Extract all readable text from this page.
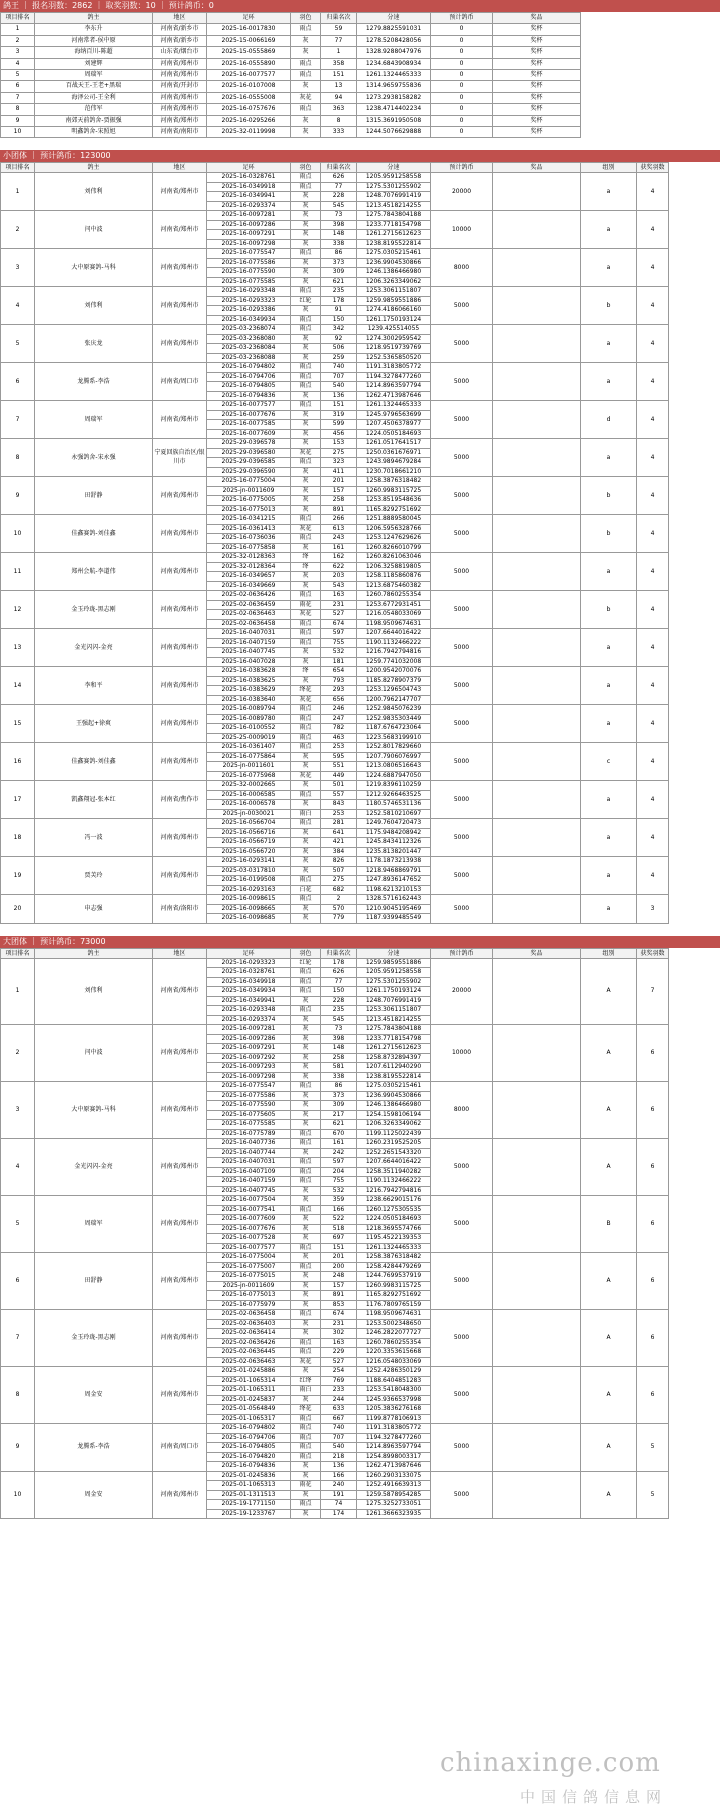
鸽王 ｜ 报名羽数：2862 ｜ 取奖羽数：10 ｜ 预计鸽币：0
项目排名	鸽主	地区	足环	羽色	归巢名次	分速	预计鸽币	奖品
1	李东升	河南省/新乡市	2025-16-0017830	雨点	59	1279.8825591031	0	奖杯
2	河南常者-侯中原	河南省/新乡市	2025-15-0066169	灰	77	1278.5208428056	0	奖杯
3	海纳百川-陈超	山东省/烟台市	2025-15-0555869	灰	1	1328.9288047976	0	奖杯
4	刘建辉	河南省/郑州市	2025-16-0555890	雨点	358	1234.6843908934	0	奖杯
5	周瑞军	河南省/郑州市	2025-16-0077577	雨点	151	1261.1324465333	0	奖杯
6	百战天王-王老+黑瑞	河南省/开封市	2025-16-0107008	灰	13	1314.9659755836	0	奖杯
7	海泽公司-王全利	河南省/郑州市	2025-16-0555008	灰花	94	1273.2938158282	0	奖杯
8	范伟军	河南省/郑州市	2025-16-0757676	雨点	363	1238.4714402234	0	奖杯
9	南郊天前鸽舍-贾振强	河南省/郑州市	2025-16-0295266	灰	8	1315.3691950508	0	奖杯
10	明鑫鸽舍-宋照旭	河南省/南阳市	2025-32-0119998	灰	333	1244.5076629888	0	奖杯
小团体 ｜ 预计鸽币：123000
项目排名	鸽主	地区	足环	羽色	归巢名次	分速	预计鸽币	奖品	组别	获奖羽数
1	刘伟利	河南省/郑州市	2025-16-0328761	雨点	626	1205.9591258558	20000		a	4
			2025-16-0349918	雨点	77	1275.5301255902				
			2025-16-0349941	灰	228	1248.7076991419				
			2025-16-0293374	灰	545	1213.4518214255				
2	闫中波	河南省/郑州市	2025-16-0097281	灰	73	1275.7843804188	10000		a	4
			2025-16-0097286	灰	398	1233.7718154798				
			2025-16-0097291	灰	148	1261.2715612623				
			2025-16-0097298	灰	338	1238.8195522814				
3	大中原赛鸽-马科	河南省/郑州市	2025-16-0775547	雨点	86	1275.0305215461	8000		a	4
			2025-16-0775586	灰	373	1236.9904530866				
			2025-16-0775590	灰	309	1246.1386466980				
			2025-16-0775585	灰	621	1206.3263349062				
4	刘伟利	河南省/郑州市	2025-16-0293348	雨点	235	1253.3061151807	5000		b	4
			2025-16-0293323	红轮	178	1259.9859551886				
			2025-16-0293386	灰	91	1274.4186066160				
			2025-16-0349934	雨点	150	1261.1750193124				
5	张庆龙	河南省/郑州市	2025-03-2368074	雨点	342	1239.425514055	5000		a	4
			2025-03-2368080	灰	92	1274.3002959542				
			2025-03-2368084	灰	506	1218.9519739769				
			2025-03-2368088	灰	259	1252.5365850520				
6	龙腾系-李浩	河南省/周口市	2025-16-0794802	雨点	740	1191.3183805772	5000		a	4
			2025-16-0794706	雨点	707	1194.3278477260				
			2025-16-0794805	雨点	540	1214.8963597794				
			2025-16-0794836	灰	136	1262.4713987646				
7	周瑞军	河南省/郑州市	2025-16-0077577	雨点	151	1261.1324465333	5000		d	4
			2025-16-0077676	灰	319	1245.9796563699				
			2025-16-0077585	灰	599	1207.4506378977				
			2025-16-0077609	灰	456	1224.0505184693				
8	永强鸽舍-宋永强	宁夏回族自治区/银川市	2025-29-0396578	灰	153	1261.0517641517	5000		a	4
			2025-29-0396580	灰花	275	1250.0361676971				
			2025-29-0396585	雨点	323	1243.9894679284				
			2025-29-0396590	灰	411	1230.7018661210				
9	田舒静	河南省/郑州市	2025-16-0775004	灰	201	1258.3876318482	5000		b	4
			2025-jn-0011609	灰	157	1260.9983115725				
			2025-16-0775005	灰	258	1253.8519548636				
			2025-16-0775013	灰	891	1165.8292751692				
10	佳鑫赛鸽-刘佳鑫	河南省/郑州市	2025-16-0341215	雨点	266	1251.8889580045	5000		b	4
			2025-16-0361413	灰花	613	1206.5956328766				
			2025-16-0736036	雨点	243	1253.1247629626				
			2025-16-0775858	灰	161	1260.8266010799				
11	郑州会航-李道伟	河南省/郑州市	2025-32-0128363	绛	162	1260.8261063046	5000		a	4
			2025-32-0128364	绛	622	1206.3258819805				
			2025-16-0349657	灰	203	1258.1185860876				
			2025-16-0349669	灰	543	1213.6875460382				
12	金玉玲珑-黑志刚	河南省/郑州市	2025-02-0636426	雨点	163	1260.7860255354	5000		b	4
			2025-02-0636459	雨花	231	1253.6772931451				
			2025-02-0636463	灰花	527	1216.0548033069				
			2025-02-0636458	雨点	674	1198.9509674631				
13	金光闪闪-金亮	河南省/郑州市	2025-16-0407031	雨点	597	1207.6644016422	5000		a	4
			2025-16-0407159	雨点	755	1190.1132466222				
			2025-16-0407745	灰	532	1216.7942794816				
			2025-16-0407028	灰	181	1259.7741032008				
14	李和平	河南省/郑州市	2025-16-0383628	绛	654	1200.9542070076	5000		a	4
			2025-16-0383625	灰	793	1185.8278907379				
			2025-16-0383629	绛花	293	1253.1296504743				
			2025-16-0383640	灰花	656	1200.7962147707				
15	王强起+徐爽	河南省/郑州市	2025-16-0089794	雨点	246	1252.9845076239	5000		a	4
			2025-16-0089780	雨点	247	1252.9835303449				
			2025-16-0100552	雨点	782	1187.6764723064				
			2025-25-0009019	雨点	463	1223.5683199910				
16	佳鑫赛鸽-刘佳鑫	河南省/郑州市	2025-16-0361407	雨点	253	1252.8017829660	5000		c	4
			2025-16-0775864	灰	595	1207.7906076997				
			2025-jn-0011601	灰	551	1213.0806516643				
			2025-16-0775968	灰花	449	1224.6887947050				
17	凯鑫翔冠-张本红	河南省/焦作市	2025-32-0002665	灰	501	1219.8396110259	5000		a	4
			2025-16-0006585	雨点	557	1212.9266463525				
			2025-16-0006578	灰	843	1180.5746531136				
			2025-jn-0030021	雨白	253	1252.5810210697				
18	冯一波	河南省/郑州市	2025-16-0566704	雨点	281	1249.7604720473	5000		a	4
			2025-16-0566716	灰	641	1175.9484208942				
			2025-16-0566719	灰	421	1245.8434112326				
			2025-16-0566720	灰	384	1235.8138201447				
19	贾芙玲	河南省/郑州市	2025-16-0293141	灰	826	1178.1873213938	5000		a	4
			2025-03-0317810	灰	507	1218.9468869791				
			2025-16-0199508	雨点	275	1247.8936147652				
			2025-16-0293163	白花	682	1198.6213210153				
20	申志强	河南省/洛阳市	2025-16-0098615	雨点	2	1328.5716162443	5000		a	3
			2025-16-0098665	灰	570	1210.9045195469				
			2025-16-0098685	灰	779	1187.9399485549				
大团体 ｜ 预计鸽币：73000
项目排名	鸽主	地区	足环	羽色	归巢名次	分速	预计鸽币	奖品	组别	获奖羽数
1	刘伟利	河南省/郑州市	2025-16-0293323	红轮	178	1259.9859551886	20000		A	7
			2025-16-0328761	雨点	626	1205.9591258558				
			2025-16-0349918	雨点	77	1275.5301255902				
			2025-16-0349934	雨点	150	1261.1750193124				
			2025-16-0349941	灰	228	1248.7076991419				
			2025-16-0293348	雨点	235	1253.3061151807				
			2025-16-0293374	灰	545	1213.4518214255				
2	闫中波	河南省/郑州市	2025-16-0097281	灰	73	1275.7843804188	10000		A	6
			2025-16-0097286	灰	398	1233.7718154798				
			2025-16-0097291	灰	148	1261.2715612623				
			2025-16-0097292	灰	258	1258.8732894397				
			2025-16-0097293	灰	581	1207.6112940290				
			2025-16-0097298	灰	338	1238.8195522814				
3	大中原赛鸽-马科	河南省/郑州市	2025-16-0775547	雨点	86	1275.0305215461	8000		A	6
			2025-16-0775586	灰	373	1236.9904530866				
			2025-16-0775590	灰	309	1246.1386466980				
			2025-16-0775605	灰	217	1254.1598106194				
			2025-16-0775585	灰	621	1206.3263349062				
			2025-16-0775789	雨点	670	1199.1125022439				
4	金光闪闪-金亮	河南省/郑州市	2025-16-0407736	雨点	161	1260.2319525205	5000		A	6
			2025-16-0407744	灰	242	1252.2651543320				
			2025-16-0407031	雨点	597	1207.6644016422				
			2025-16-0407109	雨点	204	1258.3511940282				
			2025-16-0407159	雨点	755	1190.1132466222				
			2025-16-0407745	灰	532	1216.7942794816				
5	周瑞军	河南省/郑州市	2025-16-0077504	灰	359	1238.6629015176	5000		B	6
			2025-16-0077541	雨点	166	1260.1275305535				
			2025-16-0077609	灰	522	1224.0505184693				
			2025-16-0077676	灰	518	1218.3695574766				
			2025-16-0077528	灰	697	1195.4522139353				
			2025-16-0077577	雨点	151	1261.1324465333				
6	田舒静	河南省/郑州市	2025-16-0775004	灰	201	1258.3876318482	5000		A	6
			2025-16-0775007	雨点	200	1258.4284479269				
			2025-16-0775015	灰	248	1244.7699537919				
			2025-jn-0011609	灰	157	1260.9983115725				
			2025-16-0775013	灰	891	1165.8292751692				
			2025-16-0775979	灰	853	1176.7809765159				
7	金玉玲珑-黑志刚	河南省/郑州市	2025-02-0636458	雨点	674	1198.9509674631	5000		A	6
			2025-02-0636403	灰	231	1253.5002348650				
			2025-02-0636414	灰	302	1246.2822077727				
			2025-02-0636426	雨点	163	1260.7860255354				
			2025-02-0636445	雨点	229	1220.3353615668				
			2025-02-0636463	灰花	527	1216.0548033069				
8	周金安	河南省/郑州市	2025-01-0245886	灰	254	1252.4286350129	5000		A	6
			2025-01-1065314	红绛	769	1188.6404851283				
			2025-01-1065311	雨白	233	1253.5418048300				
			2025-01-0245837	灰	244	1245.9366537998				
			2025-01-0564849	绛花	633	1205.3836276168				
			2025-01-1065317	雨点	667	1199.8778106913				
9	龙腾系-李浩	河南省/周口市	2025-16-0794802	雨点	740	1191.3183805772	5000		A	5
			2025-16-0794706	雨点	707	1194.3278477260				
			2025-16-0794805	雨点	540	1214.8963597794				
			2025-16-0794820	雨点	218	1254.8998003317				
			2025-16-0794836	灰	136	1262.4713987646				
10	周金安	河南省/郑州市	2025-01-0245836	灰	166	1260.2903133075	5000		A	5
			2025-01-1065313	雨花	240	1252.4916639313				
			2025-01-1311513	灰	191	1259.5878954285				
			2025-19-1771150	雨点	74	1275.3252733051				
			2025-19-1233767	灰	174	1261.3666323935				
chinaxinge.com
中国信鸽信息网
